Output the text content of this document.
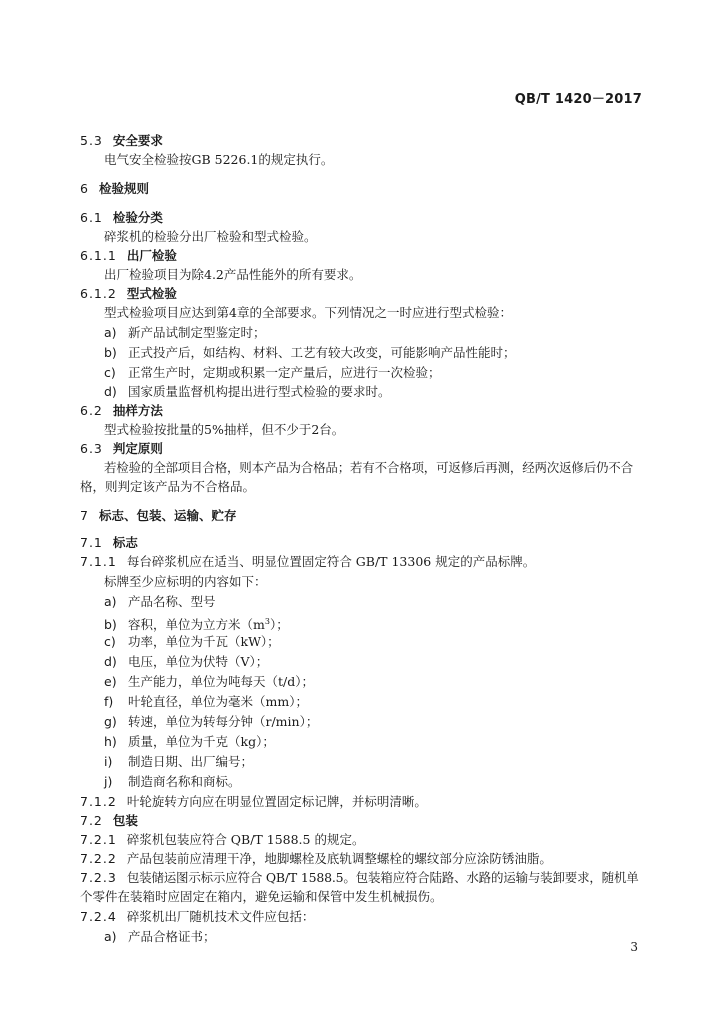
QB/T 1420－2017
5.3 安全要求
电气安全检验按GB 5226.1的规定执行。
6 检验规则
6.1 检验分类
碎浆机的检验分出厂检验和型式检验。
6.1.1 出厂检验
出厂检验项目为除4.2产品性能外的所有要求。
6.1.2 型式检验
型式检验项目应达到第4章的全部要求。下列情况之一时应进行型式检验：
a) 新产品试制定型鉴定时；
b) 正式投产后，如结构、材料、工艺有较大改变，可能影响产品性能时；
c) 正常生产时，定期或积累一定产量后，应进行一次检验；
d) 国家质量监督机构提出进行型式检验的要求时。
6.2 抽样方法
型式检验按批量的5%抽样，但不少于2台。
6.3 判定原则
若检验的全部项目合格，则本产品为合格品；若有不合格项，可返修后再测，经两次返修后仍不合
格，则判定该产品为不合格品。
7 标志、包装、运输、贮存
7.1 标志
7.1.1 每台碎浆机应在适当、明显位置固定符合 GB/T 13306 规定的产品标牌。
标牌至少应标明的内容如下：
a) 产品名称、型号
b) 容积，单位为立方米$(m^3)$；
c) 功率，单位为千瓦（kW）；
d) 电压，单位为伏特（V）；
e) 生产能力，单位为吨每天（t/d）；
f) 叶轮直径，单位为毫米（mm）；
g) 转速，单位为转每分钟（r/min）；
h) 质量，单位为千克（kg）；
i) 制造日期、出厂编号；
j) 制造商名称和商标。
7.1.2 叶轮旋转方向应在明显位置固定标记牌，并标明清晰。
7.2 包装
7.2.1 碎浆机包装应符合 QB/T 1588.5 的规定。
7.2.2 产品包装前应清理干净，地脚螺栓及底轨调整螺栓的螺纹部分应涂防锈油脂。
7.2.3 包装储运图示标示应符合 QB/T 1588.5。包装箱应符合陆路、水路的运输与装卸要求，随机单
个零件在装箱时应固定在箱内，避免运输和保管中发生机械损伤。
7.2.4 碎浆机出厂随机技术文件应包括：
a) 产品合格证书；
3
